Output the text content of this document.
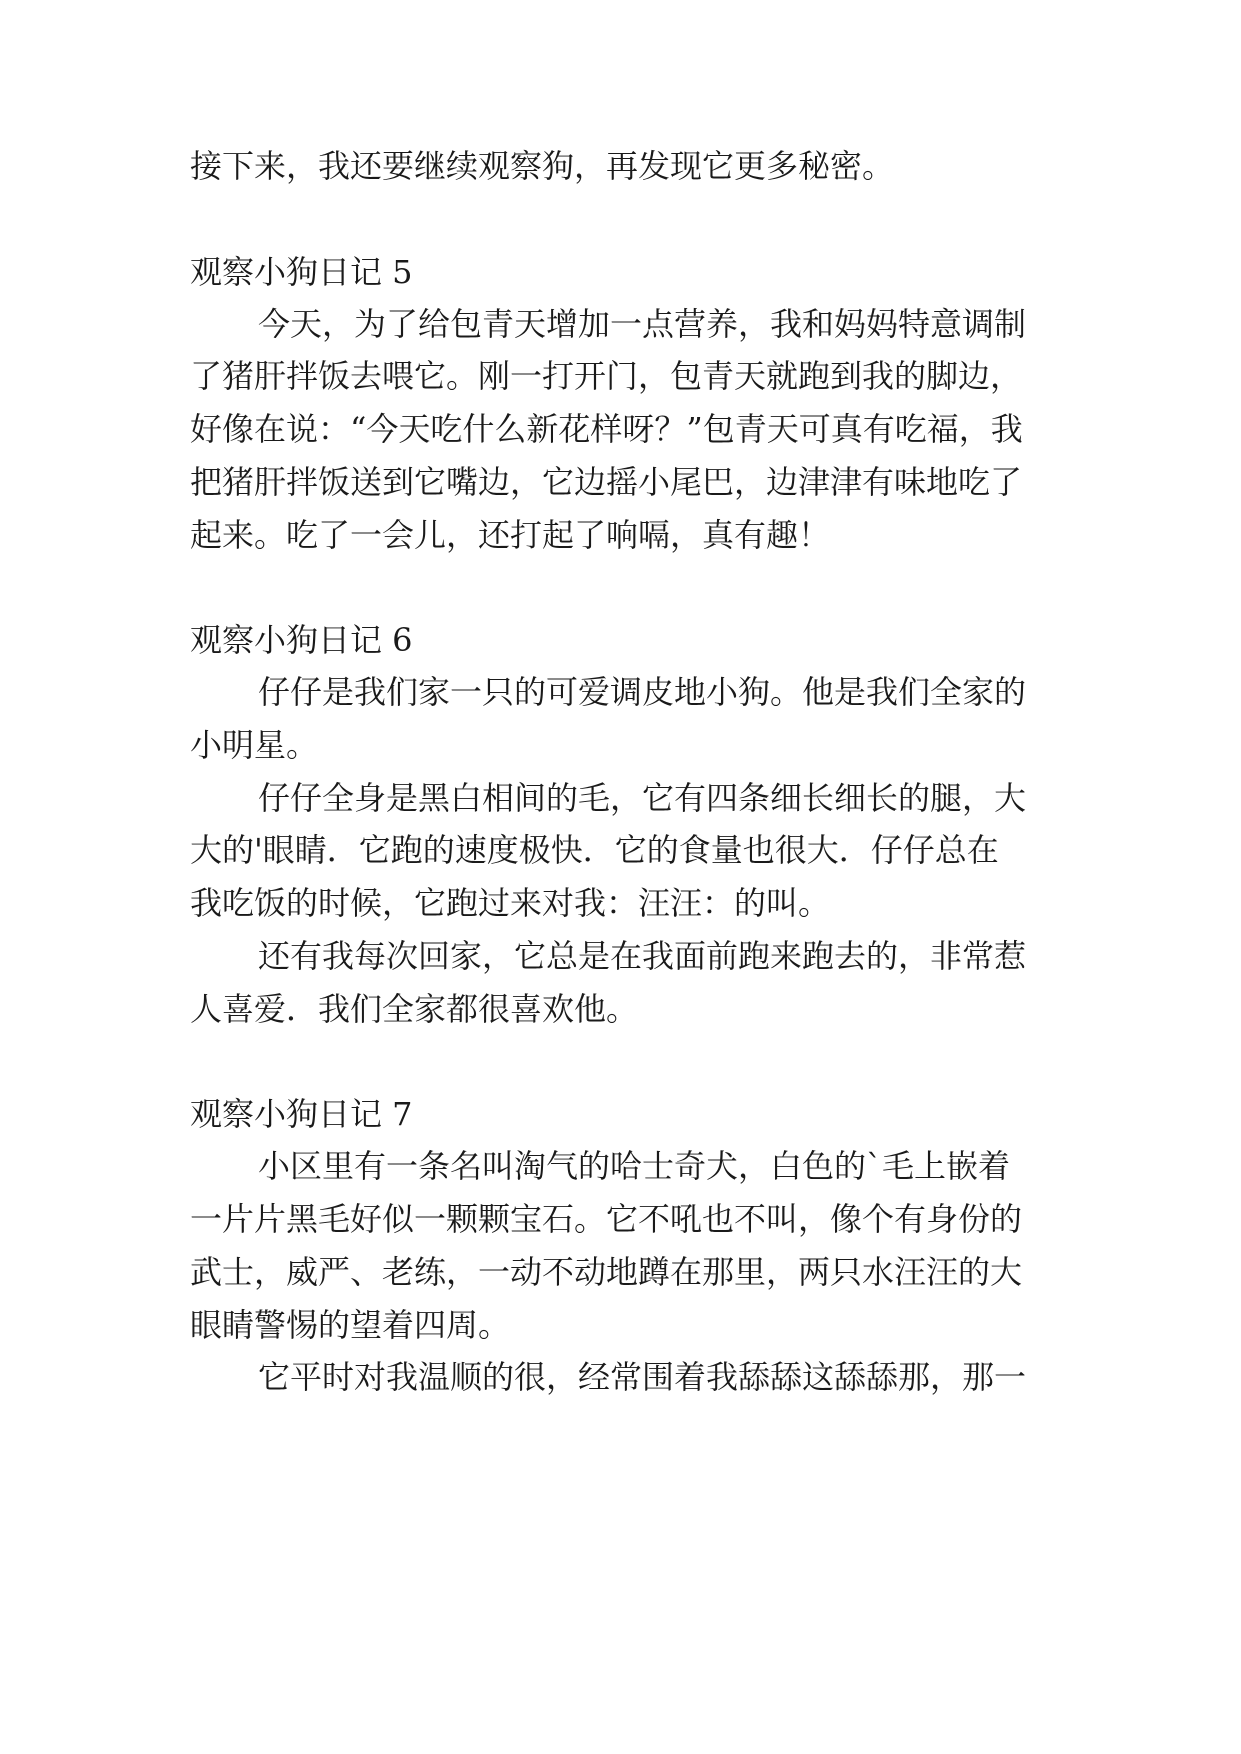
接下来，我还要继续观察狗，再发现它更多秘密。
观察小狗日记 5
今天，为了给包青天增加一点营养，我和妈妈特意调制
了猪肝拌饭去喂它。刚一打开门，包青天就跑到我的脚边，
好像在说：“今天吃什么新花样呀？”包青天可真有吃福，我
把猪肝拌饭送到它嘴边，它边摇小尾巴，边津津有味地吃了
起来。吃了一会儿，还打起了响嗝，真有趣！
观察小狗日记 6
仔仔是我们家一只的可爱调皮地小狗。他是我们全家的
小明星。
仔仔全身是黑白相间的毛，它有四条细长细长的腿，大
大的'眼睛．它跑的速度极快．它的食量也很大．仔仔总在
我吃饭的时候，它跑过来对我：汪汪：的叫。
还有我每次回家，它总是在我面前跑来跑去的，非常惹
人喜爱．我们全家都很喜欢他。
观察小狗日记 7
小区里有一条名叫淘气的哈士奇犬，白色的`毛上嵌着
一片片黑毛好似一颗颗宝石。它不吼也不叫，像个有身份的
武士，威严、老练，一动不动地蹲在那里，两只水汪汪的大
眼睛警惕的望着四周。
它平时对我温顺的很，经常围着我舔舔这舔舔那，那一
